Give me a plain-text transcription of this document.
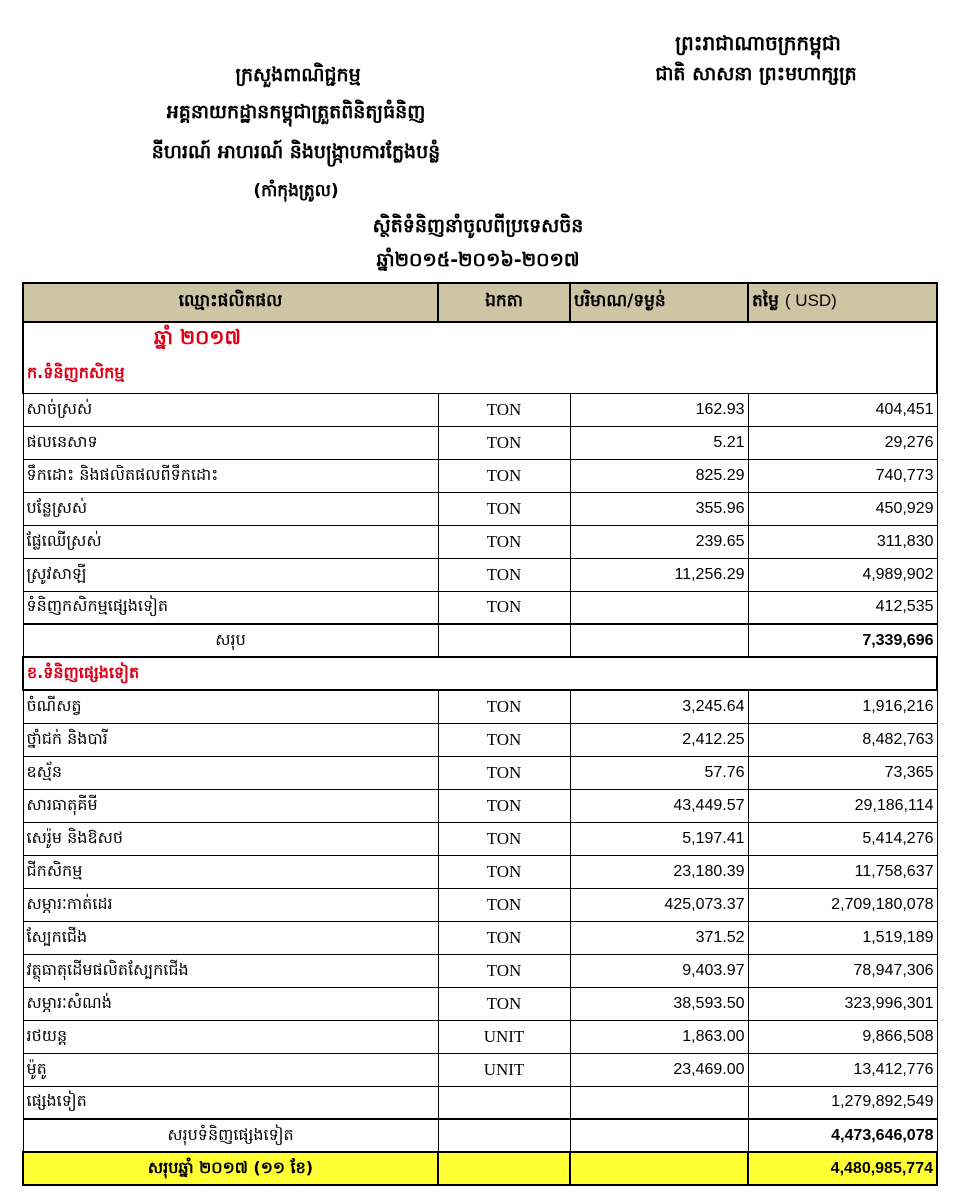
ព្រះរាជាណាចក្រកម្ពុជា
ជាតិ សាសនា ព្រះមហាក្សត្រ
ក្រសួងពាណិជ្ជកម្ម
អគ្គនាយកដ្ឋានកម្ពុជាត្រួតពិនិត្យធំនិញ
នីហរណ៍ អាហរណ៍ និងបង្ក្រាបការក្លែងបន្លំ
(កាំកុងត្រូល)
ស្ថិតិទំនិញនាំចូលពីប្រទេសចិន
ឆ្នាំ២០១៥-២០១៦-២០១៧
ឈ្មោះផលិតផល	ឯកតា	បរិមាណ/ទម្ងន់	តម្លៃ ( USD)
ឆ្នាំ ២០១៧			
ក.ទំនិញកសិកម្ម			
សាច់ស្រស់	TON	162.93	404,451
ផលនេសាទ	TON	5.21	29,276
ទឹកដោះ និងផលិតផលពីទឹកដោះ	TON	825.29	740,773
បន្លែស្រស់	TON	355.96	450,929
ផ្លែឈើស្រស់	TON	239.65	311,830
ស្រូវសាឡី	TON	11,256.29	4,989,902
ទំនិញកសិកម្មផ្សេងទៀត	TON		412,535
សរុប			7,339,696
ខ.ទំនិញផ្សេងទៀត			
ចំណីសត្វ	TON	3,245.64	1,916,216
ថ្នាំជក់ និងបារី	TON	2,412.25	8,482,763
ឧស្ម័ន	TON	57.76	73,365
សារធាតុគីមី	TON	43,449.57	29,186,114
សេរ៉ូម និងឱសថ	TON	5,197.41	5,414,276
ជីកសិកម្ម	TON	23,180.39	11,758,637
សម្ភារៈកាត់ដេរ	TON	425,073.37	2,709,180,078
ស្បែកជើង	TON	371.52	1,519,189
វត្ថុធាតុដើមផលិតស្បែកជើង	TON	9,403.97	78,947,306
សម្ភារៈសំណង់	TON	38,593.50	323,996,301
រថយន្ត	UNIT	1,863.00	9,866,508
ម៉ូតូ	UNIT	23,469.00	13,412,776
ផ្សេងទៀត			1,279,892,549
សរុបទំនិញផ្សេងទៀត			4,473,646,078
សរុបឆ្នាំ ២០១៧ (១១ ខែ)			4,480,985,774
